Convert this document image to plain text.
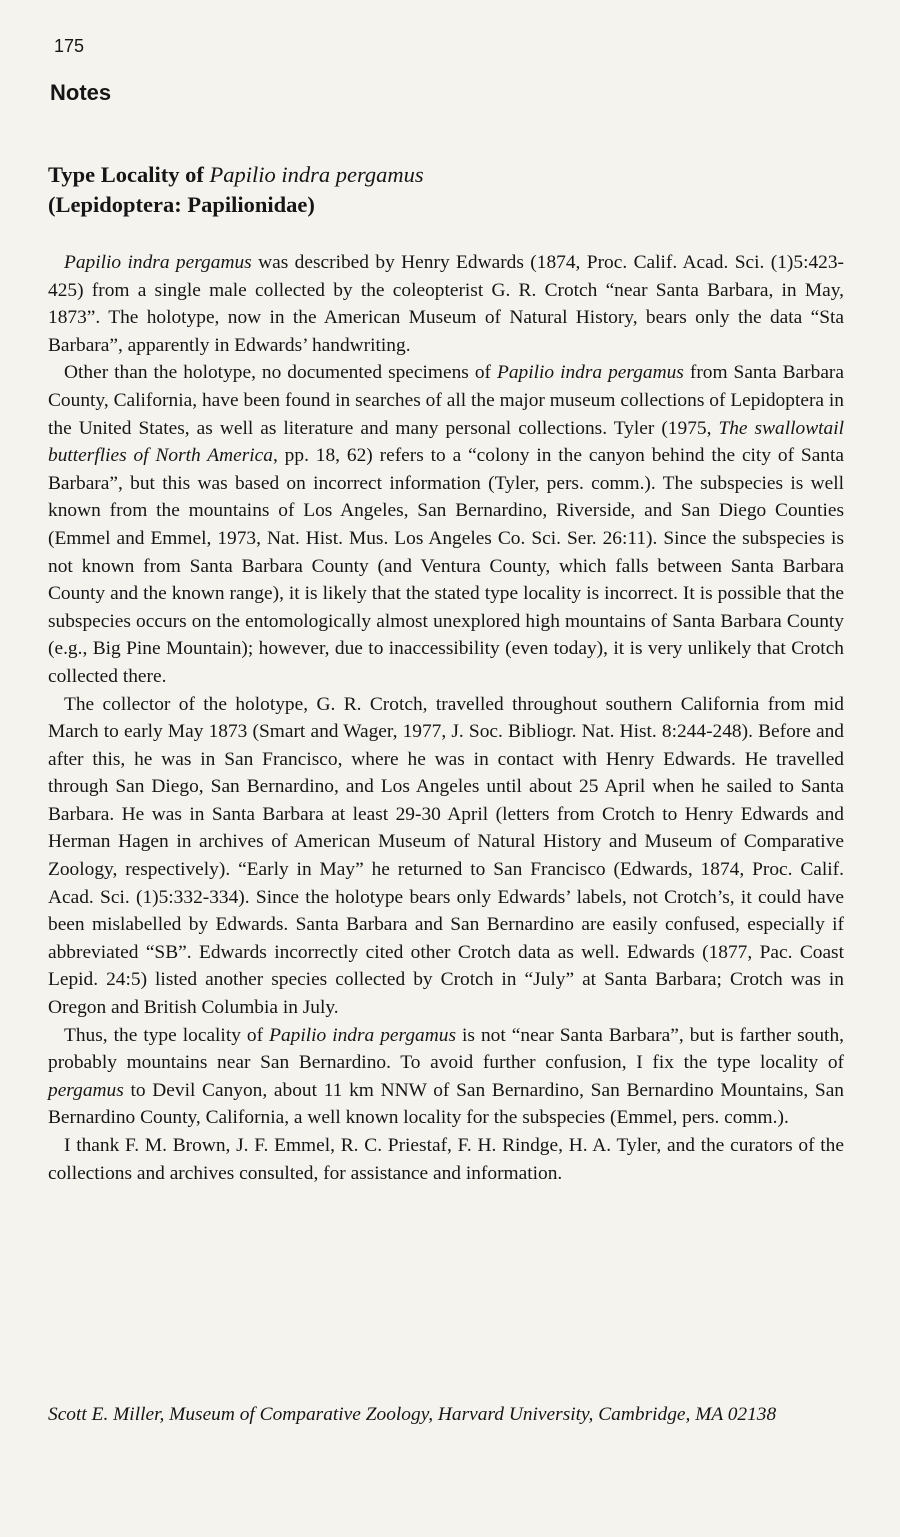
175
Notes
Type Locality of Papilio indra pergamus
(Lepidoptera: Papilionidae)

Papilio indra pergamus was described by Henry Edwards (1874, Proc. Calif. Acad. Sci. (1)5:423-425) from a single male collected by the coleopterist G. R. Crotch “near Santa Barbara, in May, 1873”. The holotype, now in the American Museum of Natural History, bears only the data “Sta Barbara”, apparently in Edwards’ handwriting.

Other than the holotype, no documented specimens of Papilio indra pergamus from Santa Barbara County, California, have been found in searches of all the major museum collections of Lepidoptera in the United States, as well as literature and many personal collections. Tyler (1975, The swallowtail butterflies of North America, pp. 18, 62) refers to a “colony in the canyon behind the city of Santa Barbara”, but this was based on incorrect information (Tyler, pers. comm.). The subspecies is well known from the mountains of Los Angeles, San Bernardino, Riverside, and San Diego Counties (Emmel and Emmel, 1973, Nat. Hist. Mus. Los Angeles Co. Sci. Ser. 26:11). Since the subspecies is not known from Santa Barbara County (and Ventura County, which falls between Santa Barbara County and the known range), it is likely that the stated type locality is incorrect. It is possible that the subspecies occurs on the entomologically almost unexplored high mountains of Santa Barbara County (e.g., Big Pine Mountain); however, due to inaccessibility (even today), it is very unlikely that Crotch collected there.

The collector of the holotype, G. R. Crotch, travelled throughout southern California from mid March to early May 1873 (Smart and Wager, 1977, J. Soc. Bibliogr. Nat. Hist. 8:244-248). Before and after this, he was in San Francisco, where he was in contact with Henry Edwards. He travelled through San Diego, San Bernardino, and Los Angeles until about 25 April when he sailed to Santa Barbara. He was in Santa Barbara at least 29-30 April (letters from Crotch to Henry Edwards and Herman Hagen in archives of American Museum of Natural History and Museum of Comparative Zoology, respectively). “Early in May” he returned to San Francisco (Edwards, 1874, Proc. Calif. Acad. Sci. (1)5:332-334). Since the holotype bears only Edwards’ labels, not Crotch’s, it could have been mislabelled by Edwards. Santa Barbara and San Bernardino are easily confused, especially if abbreviated “SB”. Edwards incorrectly cited other Crotch data as well. Edwards (1877, Pac. Coast Lepid. 24:5) listed another species collected by Crotch in “July” at Santa Barbara; Crotch was in Oregon and British Columbia in July.

Thus, the type locality of Papilio indra pergamus is not “near Santa Barbara”, but is farther south, probably mountains near San Bernardino. To avoid further confusion, I fix the type locality of pergamus to Devil Canyon, about 11 km NNW of San Bernardino, San Bernardino Mountains, San Bernardino County, California, a well known locality for the subspecies (Emmel, pers. comm.).

I thank F. M. Brown, J. F. Emmel, R. C. Priestaf, F. H. Rindge, H. A. Tyler, and the curators of the collections and archives consulted, for assistance and information.

Scott E. Miller, Museum of Comparative Zoology, Harvard University, Cambridge, MA 02138
